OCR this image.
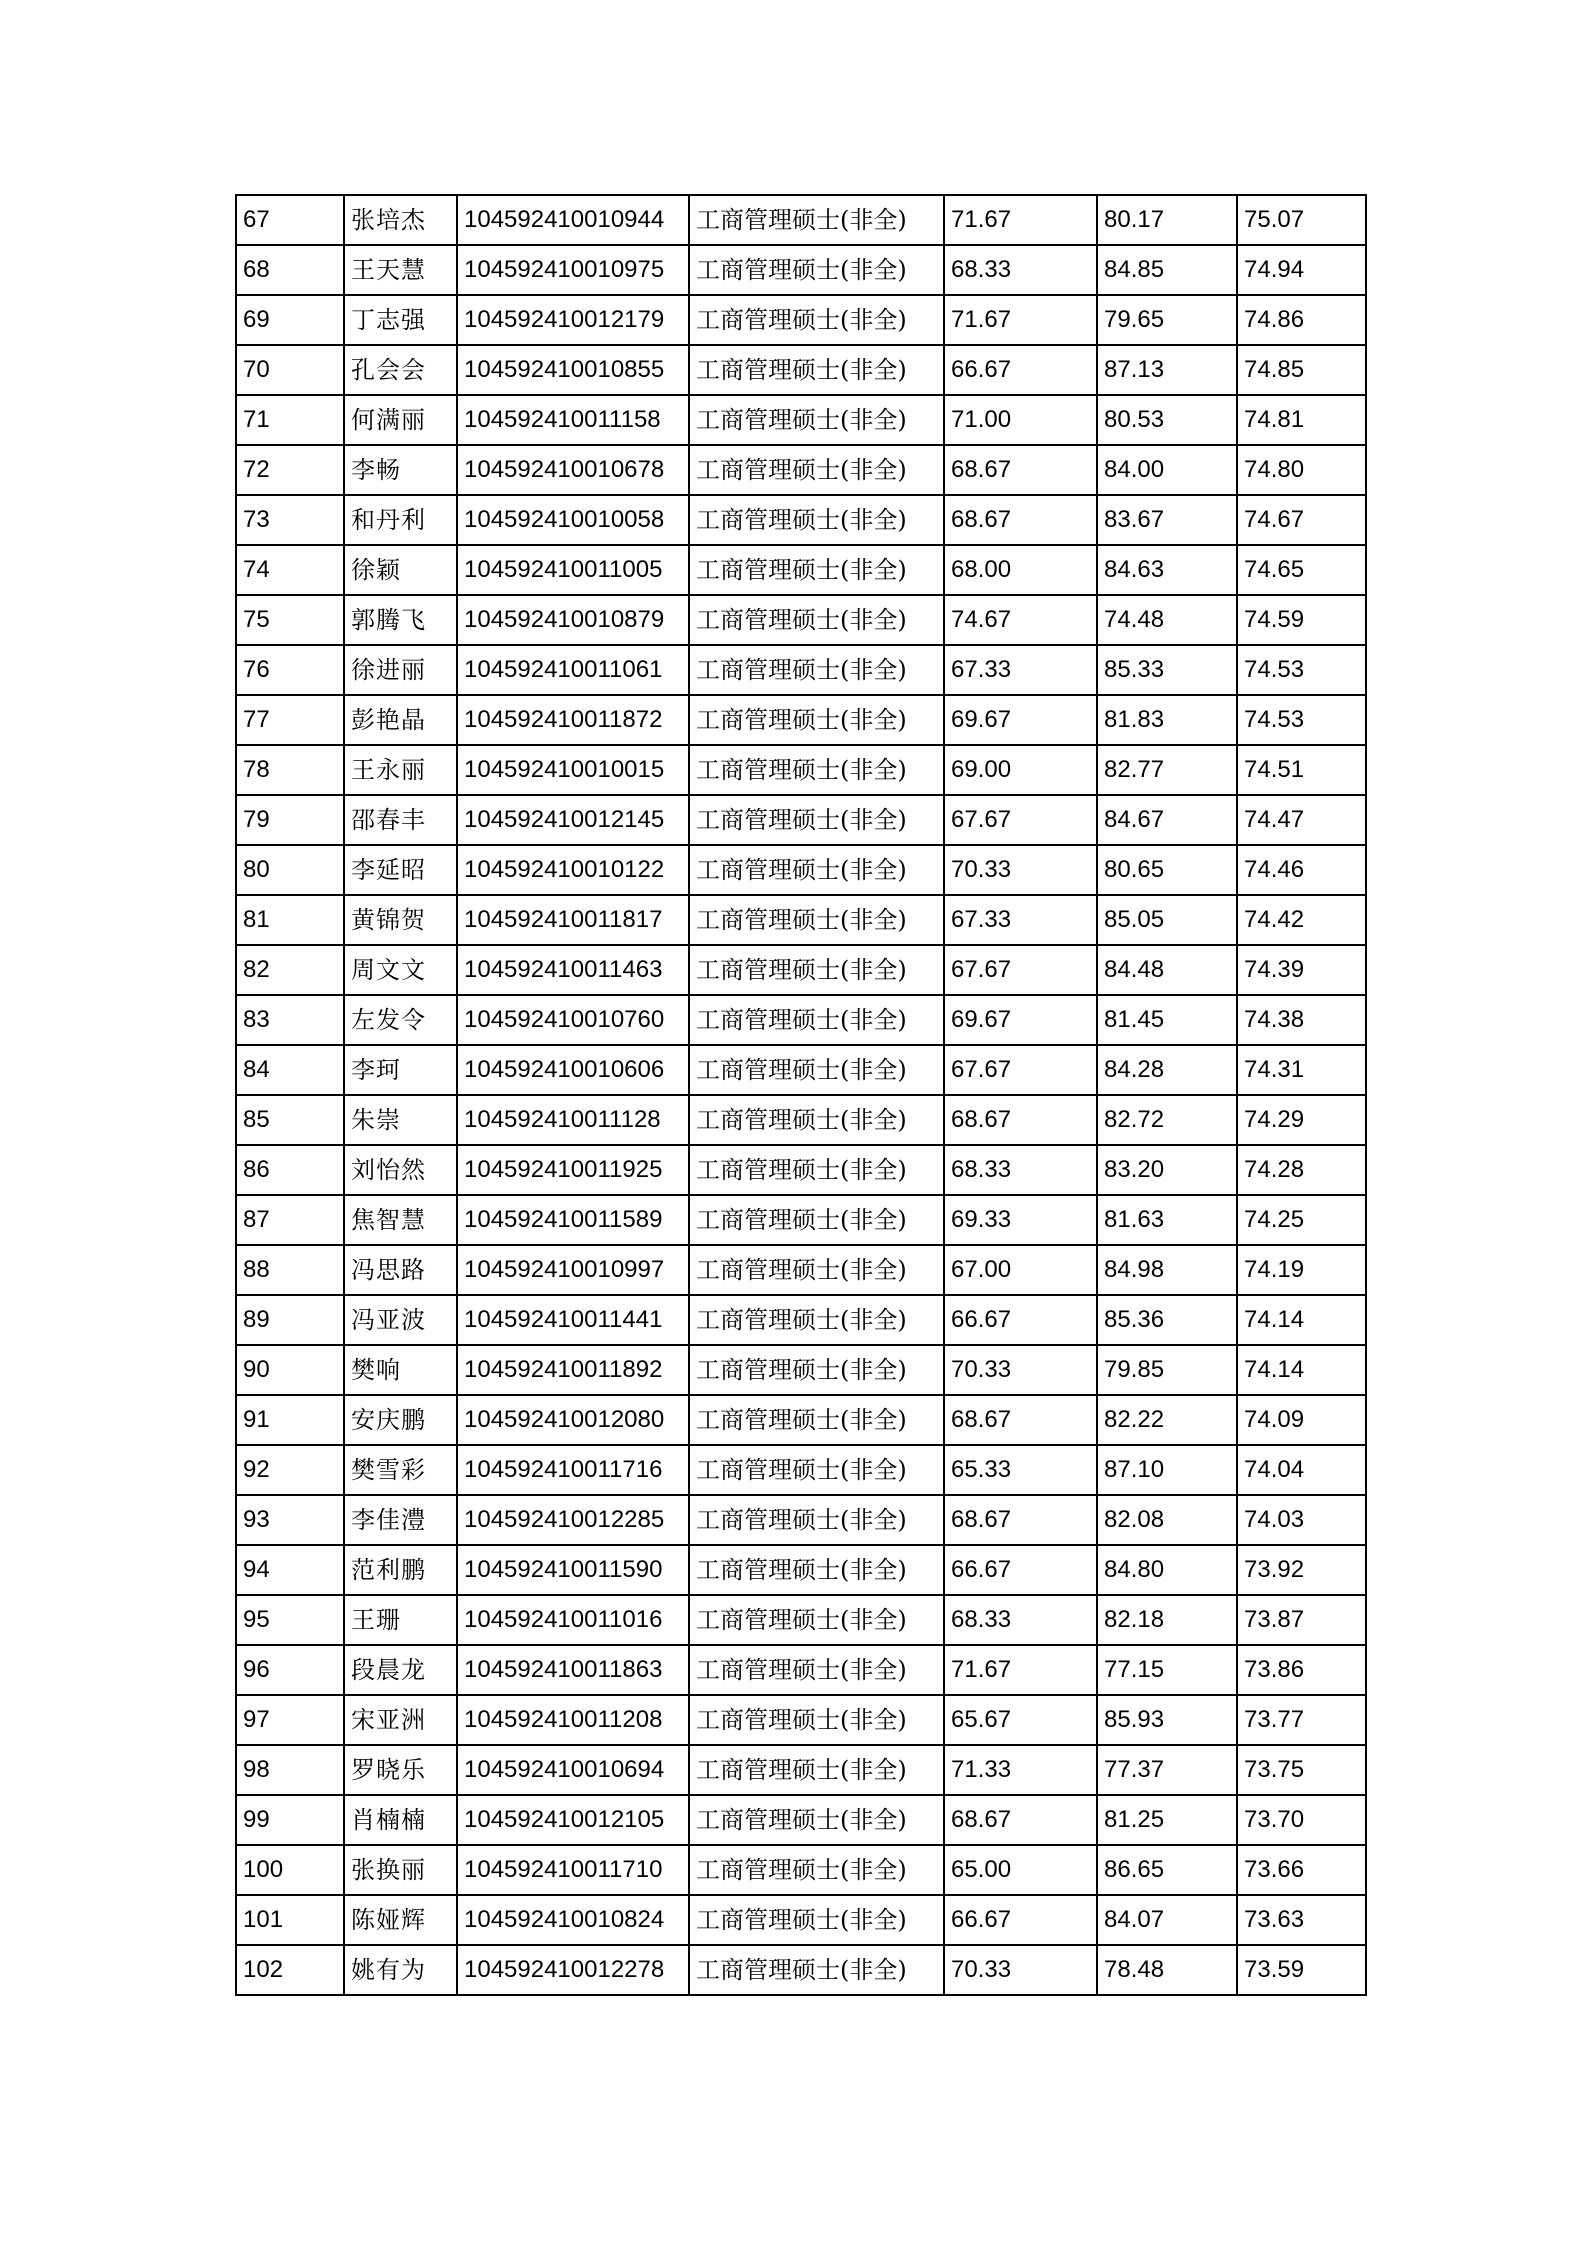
67	张培杰	104592410010944	工商管理硕士(非全)	71.67	80.17	75.07
68	王天慧	104592410010975	工商管理硕士(非全)	68.33	84.85	74.94
69	丁志强	104592410012179	工商管理硕士(非全)	71.67	79.65	74.86
70	孔会会	104592410010855	工商管理硕士(非全)	66.67	87.13	74.85
71	何满丽	104592410011158	工商管理硕士(非全)	71.00	80.53	74.81
72	李畅	104592410010678	工商管理硕士(非全)	68.67	84.00	74.80
73	和丹利	104592410010058	工商管理硕士(非全)	68.67	83.67	74.67
74	徐颖	104592410011005	工商管理硕士(非全)	68.00	84.63	74.65
75	郭腾飞	104592410010879	工商管理硕士(非全)	74.67	74.48	74.59
76	徐进丽	104592410011061	工商管理硕士(非全)	67.33	85.33	74.53
77	彭艳晶	104592410011872	工商管理硕士(非全)	69.67	81.83	74.53
78	王永丽	104592410010015	工商管理硕士(非全)	69.00	82.77	74.51
79	邵春丰	104592410012145	工商管理硕士(非全)	67.67	84.67	74.47
80	李延昭	104592410010122	工商管理硕士(非全)	70.33	80.65	74.46
81	黄锦贺	104592410011817	工商管理硕士(非全)	67.33	85.05	74.42
82	周文文	104592410011463	工商管理硕士(非全)	67.67	84.48	74.39
83	左发令	104592410010760	工商管理硕士(非全)	69.67	81.45	74.38
84	李珂	104592410010606	工商管理硕士(非全)	67.67	84.28	74.31
85	朱崇	104592410011128	工商管理硕士(非全)	68.67	82.72	74.29
86	刘怡然	104592410011925	工商管理硕士(非全)	68.33	83.20	74.28
87	焦智慧	104592410011589	工商管理硕士(非全)	69.33	81.63	74.25
88	冯思路	104592410010997	工商管理硕士(非全)	67.00	84.98	74.19
89	冯亚波	104592410011441	工商管理硕士(非全)	66.67	85.36	74.14
90	樊响	104592410011892	工商管理硕士(非全)	70.33	79.85	74.14
91	安庆鹏	104592410012080	工商管理硕士(非全)	68.67	82.22	74.09
92	樊雪彩	104592410011716	工商管理硕士(非全)	65.33	87.10	74.04
93	李佳澧	104592410012285	工商管理硕士(非全)	68.67	82.08	74.03
94	范利鹏	104592410011590	工商管理硕士(非全)	66.67	84.80	73.92
95	王珊	104592410011016	工商管理硕士(非全)	68.33	82.18	73.87
96	段晨龙	104592410011863	工商管理硕士(非全)	71.67	77.15	73.86
97	宋亚洲	104592410011208	工商管理硕士(非全)	65.67	85.93	73.77
98	罗晓乐	104592410010694	工商管理硕士(非全)	71.33	77.37	73.75
99	肖楠楠	104592410012105	工商管理硕士(非全)	68.67	81.25	73.70
100	张换丽	104592410011710	工商管理硕士(非全)	65.00	86.65	73.66
101	陈娅辉	104592410010824	工商管理硕士(非全)	66.67	84.07	73.63
102	姚有为	104592410012278	工商管理硕士(非全)	70.33	78.48	73.59
